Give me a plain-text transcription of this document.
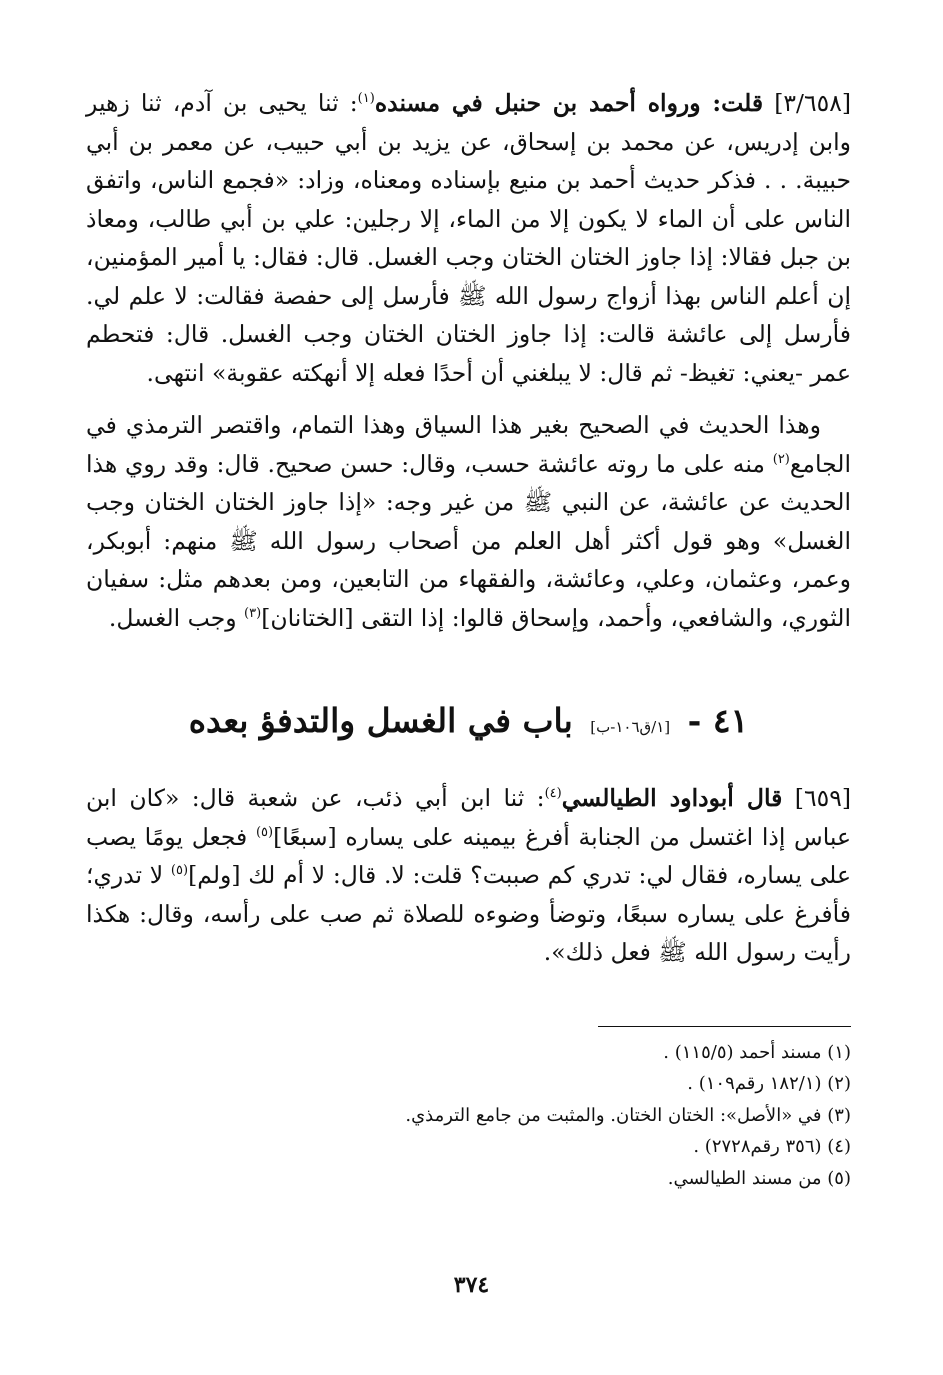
[٣/٦٥٨] قلت: ورواه أحمد بن حنبل في مسنده$^{(١)}$: ثنا يحيى بن آدم، ثنا زهير وابن إدريس، عن محمد بن إسحاق، عن يزيد بن أبي حبيب، عن معمر بن أبي حبيبة. . . فذكر حديث أحمد بن منيع بإسناده ومعناه، وزاد: «فجمع الناس، واتفق الناس على أن الماء لا يكون إلا من الماء، إلا رجلين: علي بن أبي طالب، ومعاذ بن جبل فقالا: إذا جاوز الختان الختان وجب الغسل. قال: فقال: يا أمير المؤمنين، إن أعلم الناس بهذا أزواج رسول الله ﷺ فأرسل إلى حفصة فقالت: لا علم لي. فأرسل إلى عائشة قالت: إذا جاوز الختان الختان وجب الغسل. قال: فتحطم عمر -يعني: تغيظ- ثم قال: لا يبلغني أن أحدًا فعله إلا أنهكته عقوبة» انتهى.

وهذا الحديث في الصحيح بغير هذا السياق وهذا التمام، واقتصر الترمذي في الجامع$^{(٢)}$ منه على ما روته عائشة حسب، وقال: حسن صحيح. قال: وقد روي هذا الحديث عن عائشة، عن النبي ﷺ من غير وجه: «إذا جاوز الختان الختان وجب الغسل» وهو قول أكثر أهل العلم من أصحاب رسول الله ﷺ منهم: أبوبكر، وعمر، وعثمان، وعلي، وعائشة، والفقهاء من التابعين، ومن بعدهم مثل: سفيان الثوري، والشافعي، وأحمد، وإسحاق قالوا: إذا التقى [الختانان]$^{(٣)}$ وجب الغسل.

٤١ - [١/ق١٠٦-ب] باب في الغسل والتدفؤ بعده

[٦٥٩] قال أبوداود الطيالسي$^{(٤)}$: ثنا ابن أبي ذئب، عن شعبة قال: «كان ابن عباس إذا اغتسل من الجنابة أفرغ بيمينه على يساره [سبعًا]$^{(٥)}$ فجعل يومًا يصب على يساره، فقال لي: تدري كم صببت؟ قلت: لا. قال: لا أم لك [ولم]$^{(٥)}$ لا تدري؛ فأفرغ على يساره سبعًا، وتوضأ وضوءه للصلاة ثم صب على رأسه، وقال: هكذا رأيت رسول الله ﷺ فعل ذلك».

(١) مسند أحمد (١١٥/٥) .
(٢) (١٨٢/١ رقم١٠٩) .
(٣) في «الأصل»: الختان الختان. والمثبت من جامع الترمذي.
(٤) (٣٥٦ رقم٢٧٢٨) .
(٥) من مسند الطيالسي.
٣٧٤
